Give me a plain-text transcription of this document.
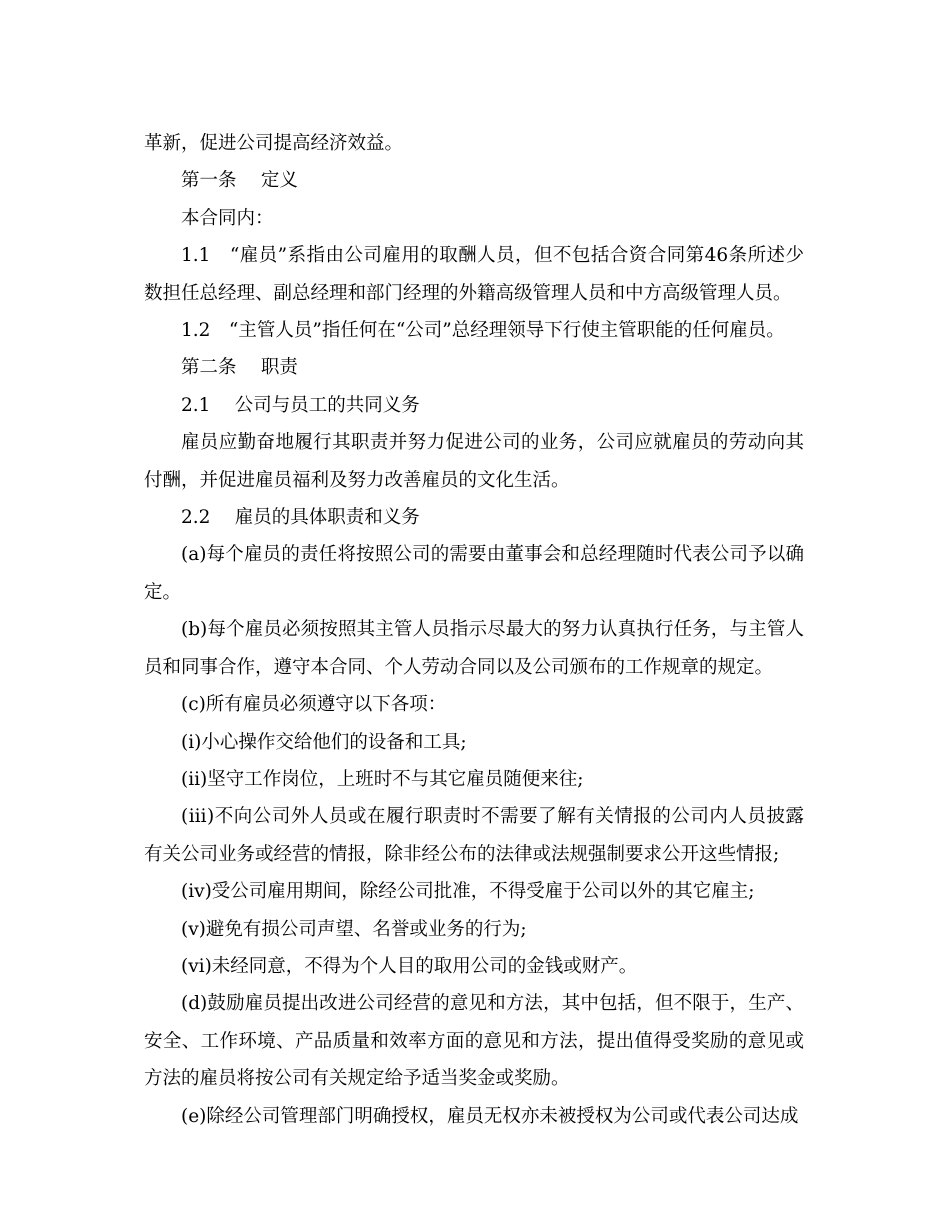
革新，促进公司提高经济效益。

第一条　 定义

本合同内：

1.1　“雇员”系指由公司雇用的取酬人员，但不包括合资合同第46条所述少数担任总经理、副总经理和部门经理的外籍高级管理人员和中方高级管理人员。

1.2　“主管人员”指任何在“公司”总经理领导下行使主管职能的任何雇员。

第二条　 职责

2.1　 公司与员工的共同义务

雇员应勤奋地履行其职责并努力促进公司的业务，公司应就雇员的劳动向其付酬，并促进雇员福利及努力改善雇员的文化生活。

2.2　 雇员的具体职责和义务

(a)每个雇员的责任将按照公司的需要由董事会和总经理随时代表公司予以确定。

(b)每个雇员必须按照其主管人员指示尽最大的努力认真执行任务，与主管人员和同事合作，遵守本合同、个人劳动合同以及公司颁布的工作规章的规定。

(c)所有雇员必须遵守以下各项：

(ⅰ)小心操作交给他们的设备和工具;

(ⅱ)坚守工作岗位，上班时不与其它雇员随便来往;

(ⅲ)不向公司外人员或在履行职责时不需要了解有关情报的公司内人员披露有关公司业务或经营的情报，除非经公布的法律或法规强制要求公开这些情报;

(ⅳ)受公司雇用期间，除经公司批准，不得受雇于公司以外的其它雇主;

(ⅴ)避免有损公司声望、名誉或业务的行为;

(ⅵ)未经同意，不得为个人目的取用公司的金钱或财产。

(d)鼓励雇员提出改进公司经营的意见和方法，其中包括，但不限于，生产、安全、工作环境、产品质量和效率方面的意见和方法，提出值得受奖励的意见或方法的雇员将按公司有关规定给予适当奖金或奖励。

(e)除经公司管理部门明确授权，雇员无权亦未被授权为公司或代表公司达成
